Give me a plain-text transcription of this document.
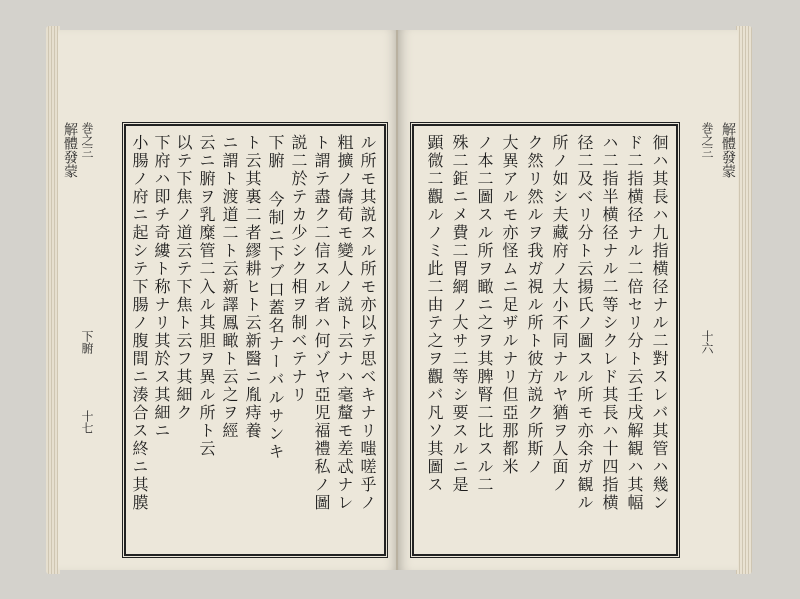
解體發蒙 巻之三
下腑
十七	ル所モ其説スル所モ亦以テ思ベキナリ嗤嗟乎ノ
粗擴ノ儔荀モ變人ノ説ト云ナハ毫釐モ差忒ナレ
ト謂テ盡ク二信スル者ハ何ゾヤ亞児福禮私ノ圖
説二於テカ少シク相ヲ制ベテナリ
下腑 今制ニ下ブ口蓋名ナーバルサンキ
ト云其裏二者繆耕ヒト云新醫ニ胤痔養
ニ謂ト渡道二ト云新譯鳳瞰ト云之ヲ經
云ニ腑ヲ乳糜管二入ル其胆ヲ異ル所ト云
以テ下焦ノ道云テ下焦ト云フ其細ク
下府ハ即チ奇縷ト称ナリ其於ス其細ニ
小腸ノ府ニ起シテ下腸ノ腹間ニ湊合ス終ニ其膜	徊ハ其長ハ九指横径ナル二對スレバ其管ハ幾ン
ド二指横径ナル二倍セリ分ト云壬戌解観ハ其幅
ハ二指半横径ナル二等シクレド其長ハ十四指横
径二及ベリ分ト云揚氏ノ圖スル所モ亦余ガ観ル
所ノ如シ夫藏府ノ大小不同ナルヤ猶ヲ人面ノ
ク然リ然ルヲ我ガ視ル所ト彼方説ク所斯ノ
大異アルモ亦怪ムニ足ザルナリ但亞那都米
ノ本二圖スル所ヲ瞰ニ之ヲ其脾腎二比スル二
殊二鉅ニメ費二胃網ノ大サ二等シ要スルニ是
顕微二觀ルノミ此二由テ之ヲ觀バ凡ソ其圖ス	解體發蒙
巻之三
十六
